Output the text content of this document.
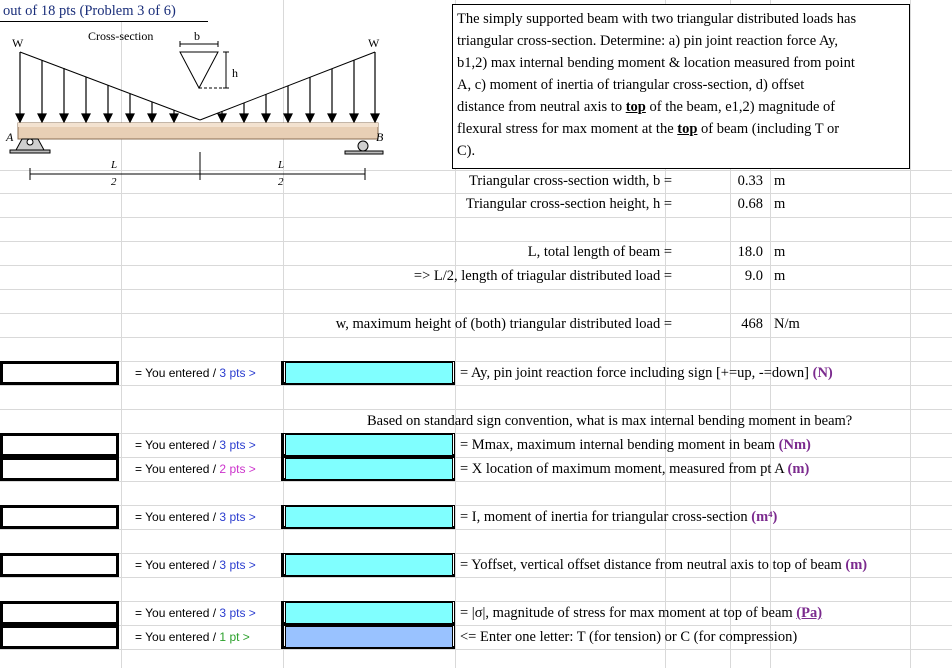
out of 18 pts (Problem 3 of 6)
W	W
Cross-section	b
h
A	B
L
2
L
2
The simply supported beam with two triangular distributed loads has
triangular cross-section. Determine: a) pin joint reaction force Ay,
b1,2) max internal bending moment & location measured from point
A, c) moment of inertia of triangular cross-section, d) offset
distance from neutral axis to top of the beam, e1,2) magnitude of
flexural stress for max moment at the top of beam (including T or
C).
Triangular cross-section width, b =	0.33 m
Triangular cross-section height, h =	0.68 m
L, total length of beam =	18.0 m
=> L/2, length of triagular distributed load =	9.0 m
w, maximum height of (both) triangular distributed load =	468 N/m
= You entered / 3 pts >	= Ay, pin joint reaction force including sign [+=up, -=down] (N)
Based on standard sign convention, what is max internal bending moment in beam?
= You entered / 3 pts >	= Mmax, maximum internal bending moment in beam (Nm)
= You entered / 2 pts >	= X location of maximum moment, measured from pt A (m)
= You entered / 3 pts >	= I, moment of inertia for triangular cross-section (m⁴)
= You entered / 3 pts >	= Yoffset, vertical offset distance from neutral axis to top of beam (m)
= You entered / 3 pts >	= |σ|, magnitude of stress for max moment at top of beam (Pa)
= You entered / 1 pt >	<= Enter one letter: T (for tension) or C (for compression)
